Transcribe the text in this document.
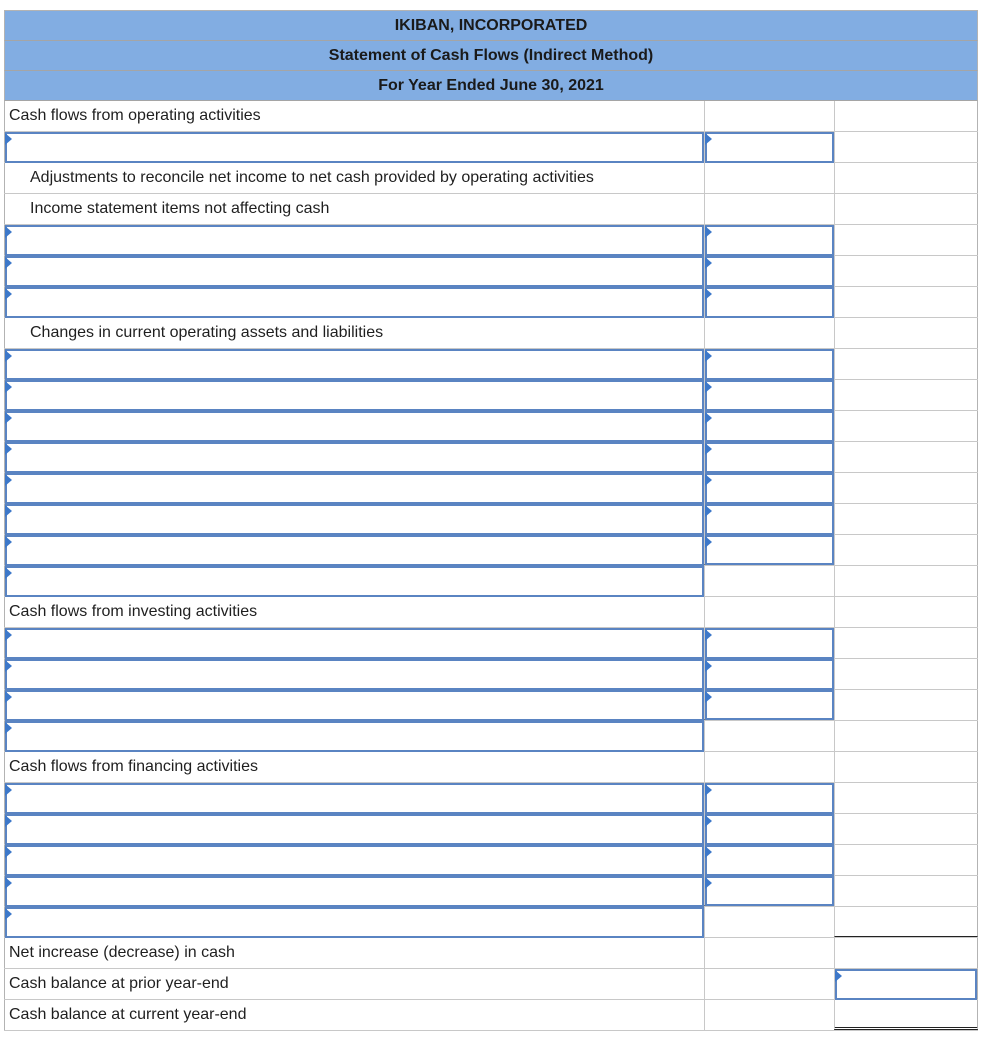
IKIBAN, INCORPORATED
Statement of Cash Flows (Indirect Method)
For Year Ended June 30, 2021
Cash flows from operating activities
Adjustments to reconcile net income to net cash provided by operating activities
Income statement items not affecting cash
Changes in current operating assets and liabilities
Cash flows from investing activities
Cash flows from financing activities
Net increase (decrease) in cash
Cash balance at prior year-end
Cash balance at current year-end
